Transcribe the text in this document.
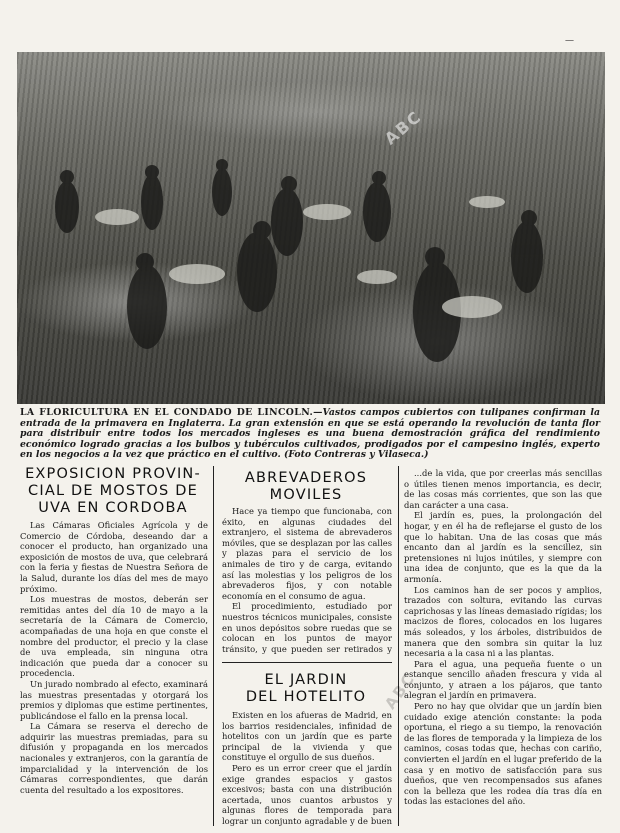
—
ABC
LA FLORICULTURA EN EL CONDADO DE LINCOLN.—Vastos campos cubiertos con tulipanes confirman la entrada de la primavera en Inglaterra. La gran extensión en que se está operando la revolución de tanta flor para distribuir entre todos los mercados ingleses es una buena demostración gráfica del rendimiento económico logrado gracias a los bulbos y tubérculos cultivados, prodigados por el campesino inglés, experto en los negocios a la vez que práctico en el cultivo. (Foto Contreras y Vilaseca.)
EXPOSICION PROVIN-
CIAL DE MOSTOS DE
UVA EN CORDOBA

Las Cámaras Oficiales Agrícola y de Comercio de Córdoba, deseando dar a conocer el producto, han organizado una exposición de mostos de uva, que celebrará con la feria y fiestas de Nuestra Señora de la Salud, durante los días del mes de mayo próximo.

Los muestras de mostos, deberán ser remitidas antes del día 10 de mayo a la secretaría de la Cámara de Comercio, acompañadas de una hoja en que conste el nombre del productor, el precio y la clase de uva empleada, sin ninguna otra indicación que pueda dar a conocer su procedencia.

Un jurado nombrado al efecto, examinará las muestras presentadas y otorgará los premios y diplomas que estime pertinentes, publicándose el fallo en la prensa local.

La Cámara se reserva el derecho de adquirir las muestras premiadas, para su difusión y propaganda en los mercados nacionales y extranjeros, con la garantía de imparcialidad y la intervención de los Cámaras correspondientes, que darán cuenta del resultado a los expositores.

ABREVADEROS
MOVILES

Hace ya tiempo que funcionaba, con éxito, en algunas ciudades del extranjero, el sistema de abrevaderos móviles, que se desplazan por las calles y plazas para el servicio de los animales de tiro y de carga, evitando así las molestias y los peligros de los abrevaderos fijos, y con notable economía en el consumo de agua.

El procedimiento, estudiado por nuestros técnicos municipales, consiste en unos depósitos sobre ruedas que se colocan en los puntos de mayor tránsito, y que pueden ser retirados y

EL JARDIN
DEL HOTELITO

Existen en los afueras de Madrid, en los barrios residenciales, infinidad de hotelitos con un jardín que es parte principal de la vivienda y que constituye el orgullo de sus dueños.

Pero es un error creer que el jardín exige grandes espacios y gastos excesivos; basta con una distribución acertada, unos cuantos arbustos y algunas flores de temporada para lograr un conjunto agradable y de buen

...de la vida, que por creerlas más sencillas o útiles tienen menos importancia, es decir, de las cosas más corrientes, que son las que dan carácter a una casa.

El jardín es, pues, la prolongación del hogar, y en él ha de reflejarse el gusto de los que lo habitan. Una de las cosas que más encanto dan al jardín es la sencillez, sin pretensiones ni lujos inútiles, y siempre con una idea de conjunto, que es la que da la armonía.

Los caminos han de ser pocos y amplios, trazados con soltura, evitando las curvas caprichosas y las líneas demasiado rígidas; los macizos de flores, colocados en los lugares más soleados, y los árboles, distribuidos de manera que den sombra sin quitar la luz necesaria a la casa ni a las plantas.

Para el agua, una pequeña fuente o un estanque sencillo añaden frescura y vida al conjunto, y atraen a los pájaros, que tanto alegran el jardín en primavera.

Pero no hay que olvidar que un jardín bien cuidado exige atención constante: la poda oportuna, el riego a su tiempo, la renovación de las flores de temporada y la limpieza de los caminos, cosas todas que, hechas con cariño, convierten el jardín en el lugar preferido de la casa y en motivo de satisfacción para sus dueños, que ven recompensados sus afanes con la belleza que les rodea día tras día en todas las estaciones del año.

ABC
